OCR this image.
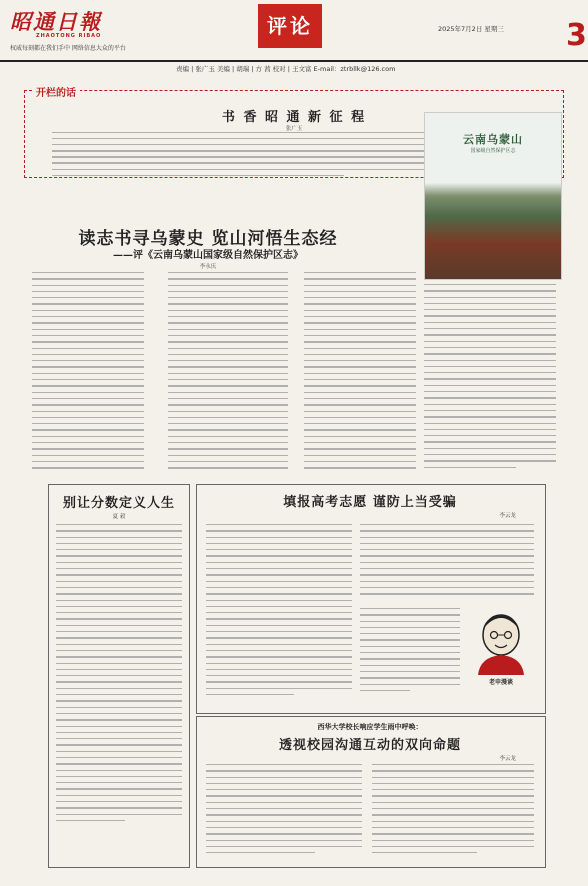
昭通日報
ZHAOTONG RIBAO
权威每刻都在我们手中 网络信息大众的平台
评论	2025年7月2日 星期三 3
责编 | 张广玉 美编 | 胡瑞 | 方 茜 校对 | 王文富 E-mail：ztrbllk@126.com
开栏的话
书 香 昭 通 新 征 程
张广玉
读志书寻乌蒙史 览山河悟生态经
——评《云南乌蒙山国家级自然保护区志》
李永庆
云南乌蒙山
国家级自然保护区志
别让分数定义人生
夏 毅
填报高考志愿 谨防上当受骗
李云龙
老申漫谈
西华大学校长响应学生雨中呼唤：
透视校园沟通互动的双向命题
李云龙
